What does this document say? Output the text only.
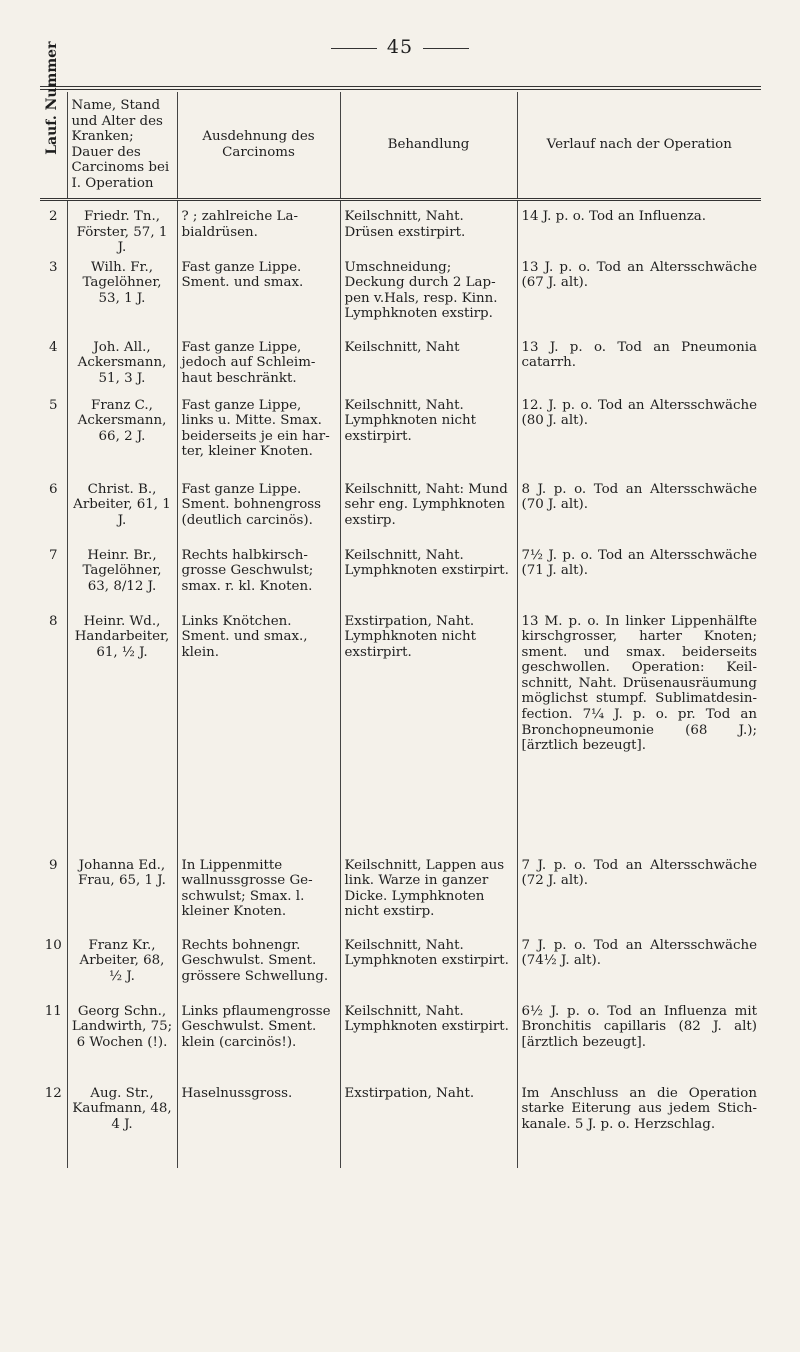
45
Lauf. Nummer	Name, Stand und Alter des Kranken; Dauer des Carcinoms bei I. Operation	Ausdehnung des Carcinoms	Behandlung	Verlauf nach der Operation
2	Friedr. Tn., Förster, 57, 1 J.	? ; zahlreiche Labialdrüsen.	Keilschnitt, Naht. Drüsen exstirpirt.	14 J. p. o. Tod an Influenza.
3	Wilh. Fr., Tagelöhner, 53, 1 J.	Fast ganze Lippe. Sment. und smax.	Umschneidung; Deckung durch 2 Lappen v.Hals, resp. Kinn. Lymphknoten exstirp.	13 J. p. o. Tod an Altersschwäche (67 J. alt).
4	Joh. All., Ackersmann, 51, 3 J.	Fast ganze Lippe, jedoch auf Schleimhaut beschränkt.	Keilschnitt, Naht	13 J. p. o. Tod an Pneumonia catarrh.
5	Franz C., Ackersmann, 66, 2 J.	Fast ganze Lippe, links u. Mitte. Smax. beiderseits je ein harter, kleiner Knoten.	Keilschnitt, Naht. Lymphknoten nicht exstirpirt.	12. J. p. o. Tod an Altersschwäche (80 J. alt).
6	Christ. B., Arbeiter, 61, 1 J.	Fast ganze Lippe. Sment. bohnengross (deutlich carcinös).	Keilschnitt, Naht: Mund sehr eng. Lymphknoten exstirp.	8 J. p. o. Tod an Altersschwäche (70 J. alt).
7	Heinr. Br., Tagelöhner, 63, 8/12 J.	Rechts halbkirschgrosse Geschwulst; smax. r. kl. Knoten.	Keilschnitt, Naht. Lymphknoten exstirpirt.	7½ J. p. o. Tod an Altersschwäche (71 J. alt).
8	Heinr. Wd., Handarbeiter, 61, ½ J.	Links Knötchen. Sment. und smax., klein.	Exstirpation, Naht. Lymphknoten nicht exstirpirt.	13 M. p. o. In linker Lippenhälfte kirschgrosser, harter Knoten; sment. und smax. beiderseits geschwollen. Operation: Keilschnitt, Naht. Drüsenausräumung möglichst stumpf. Sublimatdesinfection. 7¼ J. p. o. pr. Tod an Bronchopneumonie (68 J.); [ärztlich bezeugt].
9	Johanna Ed., Frau, 65, 1 J.	In Lippenmitte wallnussgrosse Geschwulst; Smax. l. kleiner Knoten.	Keilschnitt, Lappen aus link. Warze in ganzer Dicke. Lymphknoten nicht exstirp.	7 J. p. o. Tod an Altersschwäche (72 J. alt).
10	Franz Kr., Arbeiter, 68, ½ J.	Rechts bohnengr. Geschwulst. Sment. grössere Schwellung.	Keilschnitt, Naht. Lymphknoten exstirpirt.	7 J. p. o. Tod an Altersschwäche (74½ J. alt).
11	Georg Schn., Landwirth, 75; 6 Wochen (!).	Links pflaumengrosse Geschwulst. Sment. klein (carcinös!).	Keilschnitt, Naht. Lymphknoten exstirpirt.	6½ J. p. o. Tod an Influenza mit Bronchitis capillaris (82 J. alt) [ärztlich bezeugt].
12	Aug. Str., Kaufmann, 48, 4 J.	Haselnussgross.	Exstirpation, Naht.	Im Anschluss an die Operation starke Eiterung aus jedem Stichkanale. 5 J. p. o. Herzschlag.
